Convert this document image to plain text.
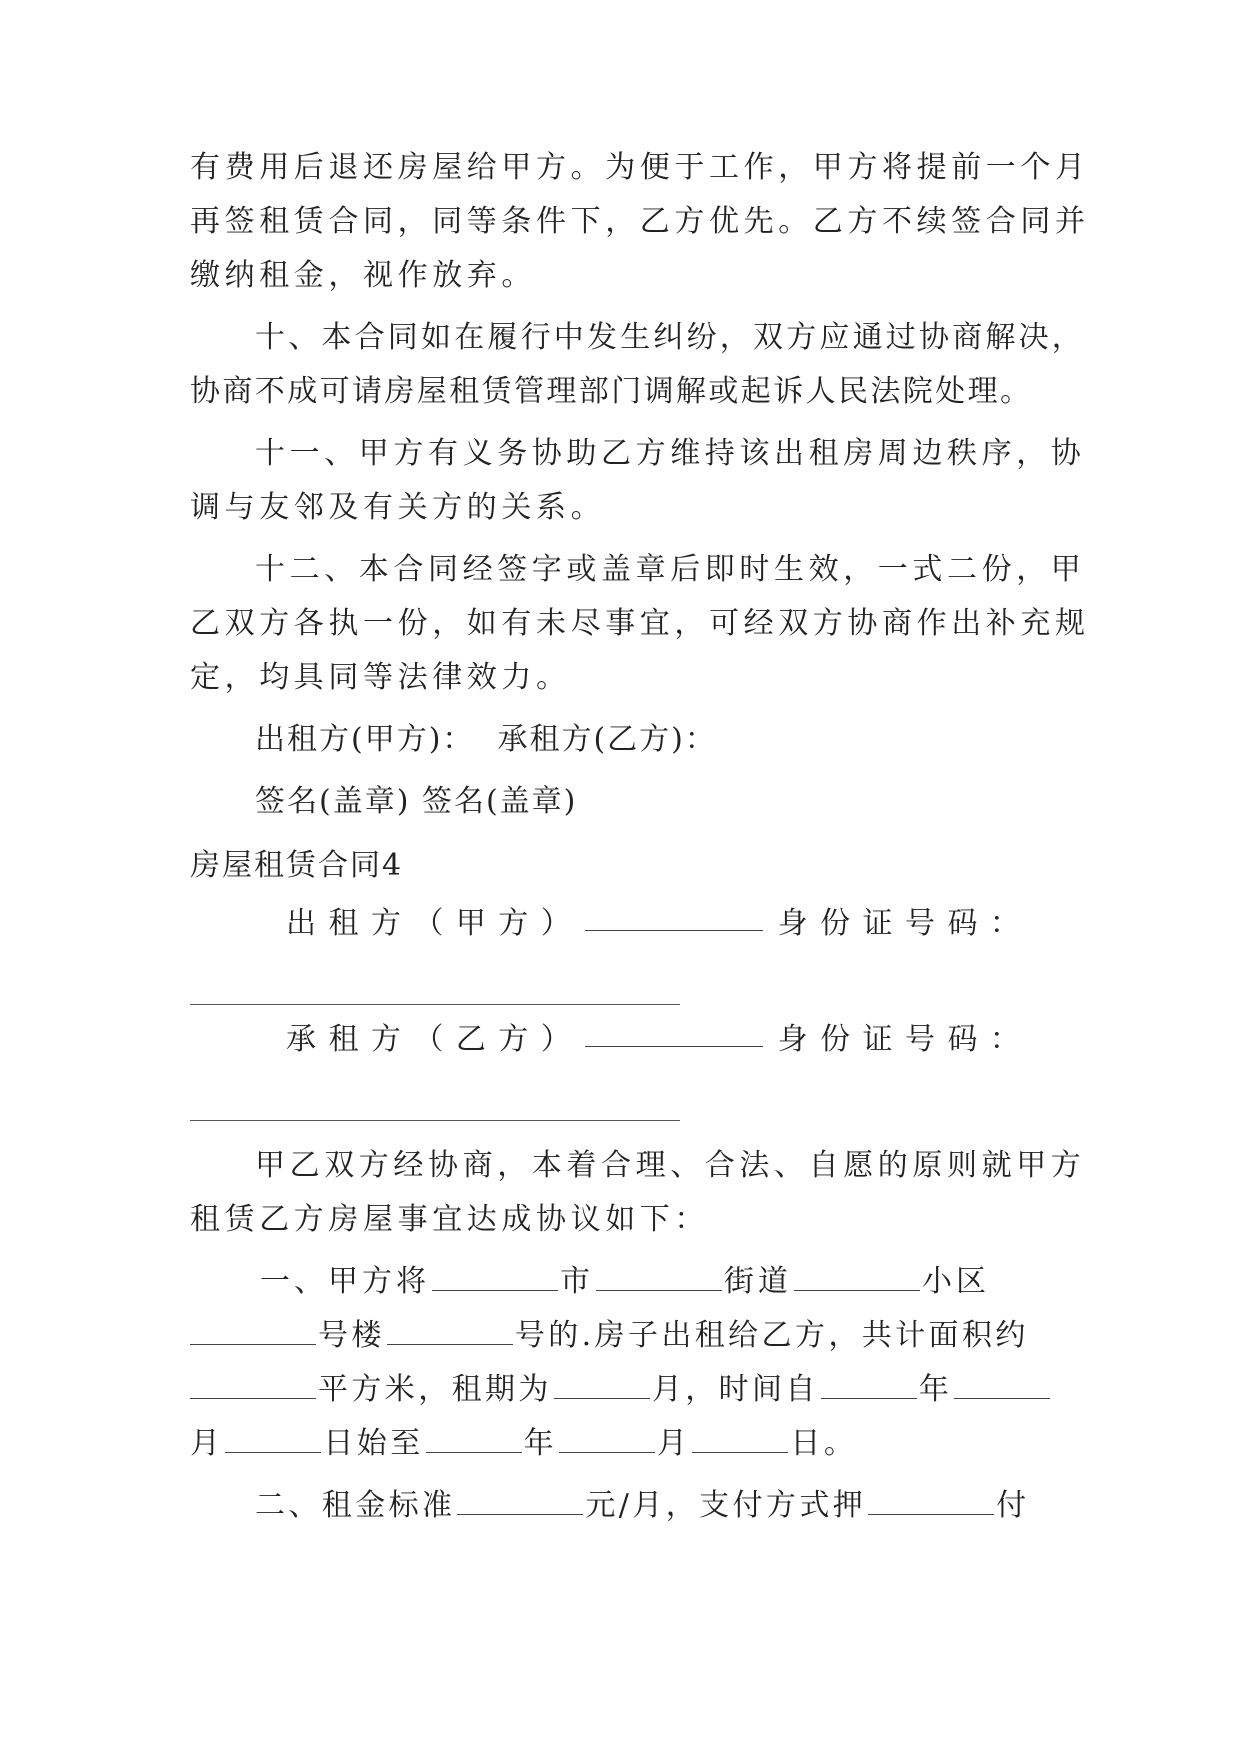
有费用后退还房屋给甲方。为便于工作，甲方将提前一个月
再签租赁合同，同等条件下，乙方优先。乙方不续签合同并
缴纳租金，视作放弃。
十、本合同如在履行中发生纠纷，双方应通过协商解决，
协商不成可请房屋租赁管理部门调解或起诉人民法院处理。
十一、甲方有义务协助乙方维持该出租房周边秩序，协
调与友邻及有关方的关系。
十二、本合同经签字或盖章后即时生效，一式二份，甲
乙双方各执一份，如有未尽事宜，可经双方协商作出补充规
定，均具同等法律效力。
出租方(甲方)：  承租方(乙方)：
签名(盖章) 签名(盖章)
房屋租赁合同4
出 租 方 （ 甲 方 ）	身 份 证 号 码 ：
承 租 方 （ 乙 方 ）	身 份 证 号 码 ：
甲乙双方经协商，本着合理、合法、自愿的原则就甲方
租赁乙方房屋事宜达成协议如下：
一、甲方将	市	街道	小区
号楼	号的.房子出租给乙方，共计面积约
平方米，租期为	月，时间自	年
月	日始至	年	月	日。
二、租金标准	元/月，支付方式押	付
